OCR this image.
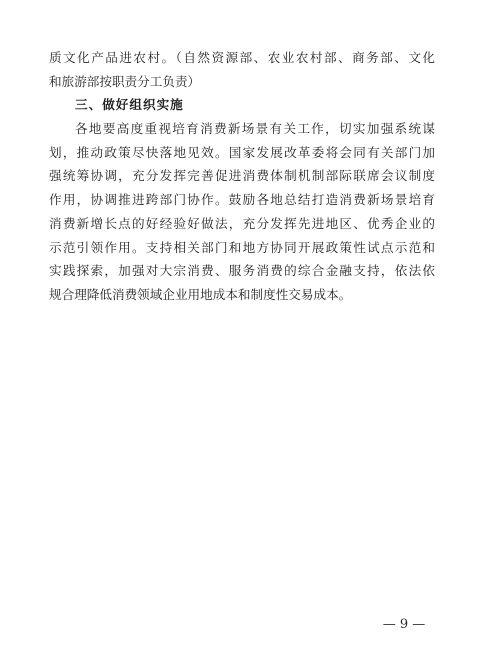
质文化产品进农村。（自然资源部、农业农村部、商务部、文化
和旅游部按职责分工负责）
三、做好组织实施
各地要高度重视培育消费新场景有关工作，切实加强系统谋
划，推动政策尽快落地见效。国家发展改革委将会同有关部门加
强统筹协调，充分发挥完善促进消费体制机制部际联席会议制度
作用，协调推进跨部门协作。鼓励各地总结打造消费新场景培育
消费新增长点的好经验好做法，充分发挥先进地区、优秀企业的
示范引领作用。支持相关部门和地方协同开展政策性试点示范和
实践探索，加强对大宗消费、服务消费的综合金融支持，依法依
规合理降低消费领域企业用地成本和制度性交易成本。
— 9 —
